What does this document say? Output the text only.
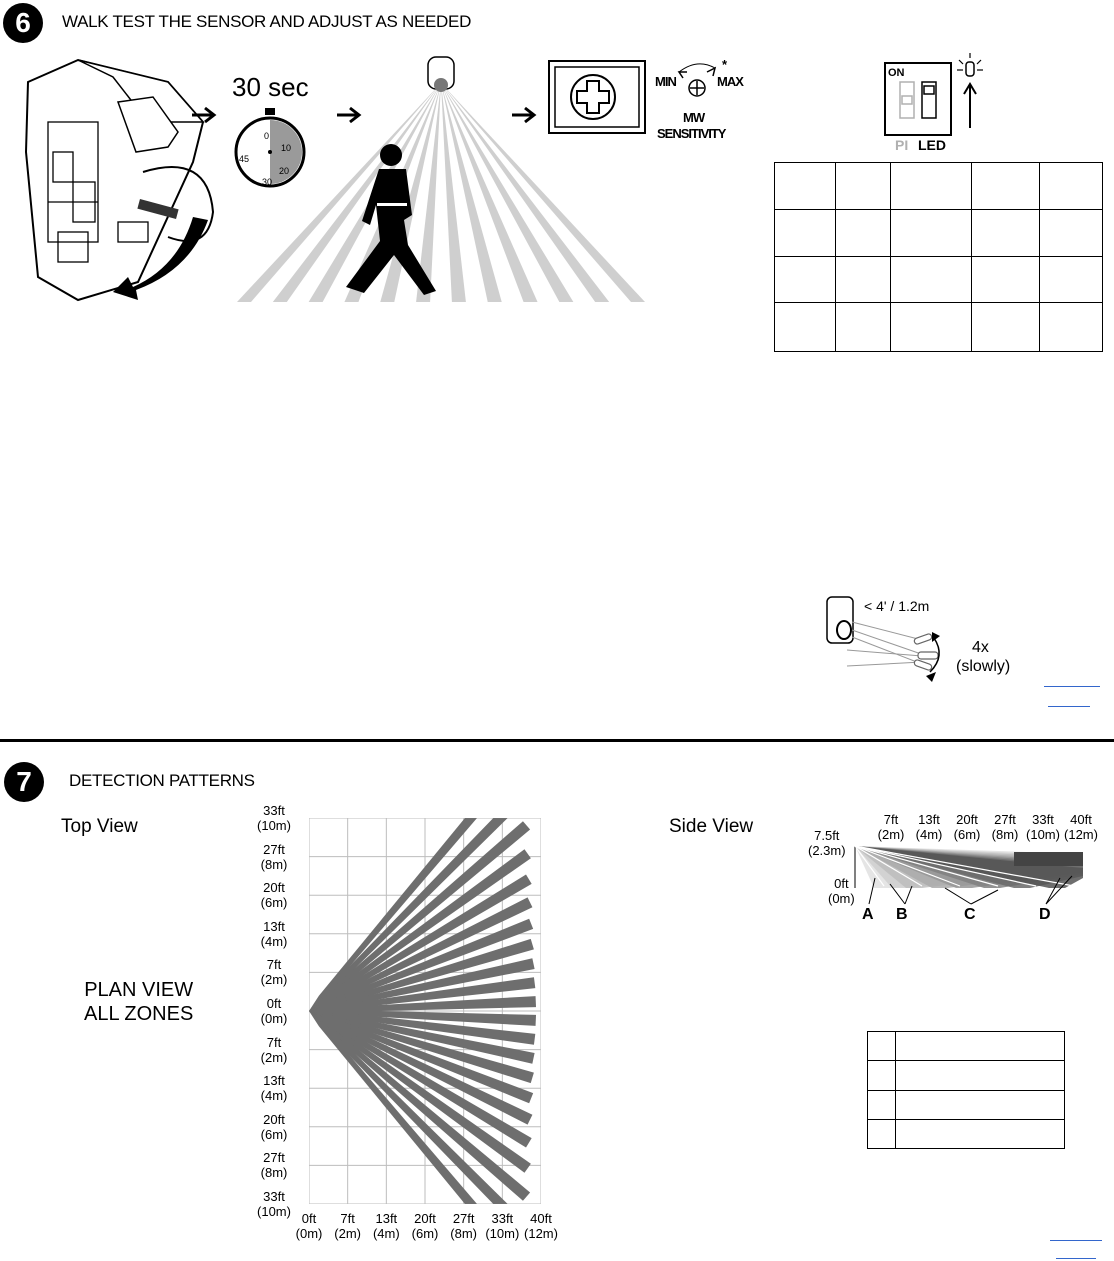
6 WALK TEST THE SENSOR AND ADJUST AS NEEDED
30 sec
0
10
20
30
45
MIN	MAX
*
MW
SENSITIVITY
ON
PI LED

< 4' / 1.2m
4x
(slowly)
7 DETECTION PATTERNS
Top View	Side View
PLAN VIEW
ALL ZONES
33ft
(10m)
27ft
(8m)
20ft
(6m)
13ft
(4m)
7ft
(2m)
0ft
(0m)
7ft
(2m)
13ft
(4m)
20ft
(6m)
27ft
(8m)
33ft
(10m) 0ft
(0m)
7ft
(2m)
13ft
(4m)
20ft
(6m)
27ft
(8m)
33ft
(10m)
40ft
(12m)
7ft
(2m)
13ft
(4m)
20ft
(6m)
27ft
(8m)
33ft
(10m)
40ft
(12m)
7.5ft
(2.3m)
0ft
(0m)
A B	C	D
